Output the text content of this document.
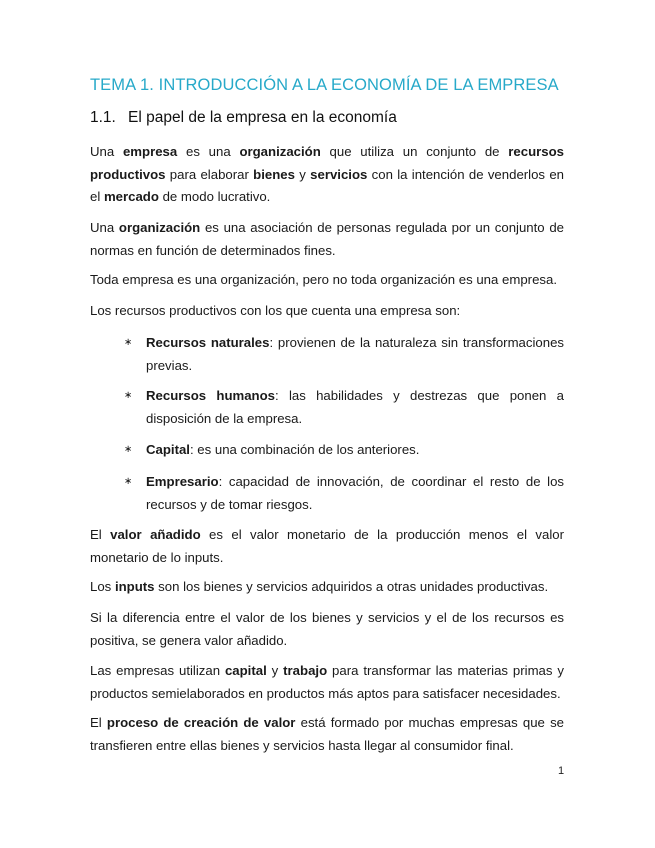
TEMA 1. INTRODUCCIÓN A LA ECONOMÍA DE LA EMPRESA
1.1. El papel de la empresa en la economía

Una empresa es una organización que utiliza un conjunto de recursos productivos para elaborar bienes y servicios con la intención de venderlos en el mercado de modo lucrativo.

Una organización es una asociación de personas regulada por un conjunto de normas en función de determinados fines.

Toda empresa es una organización, pero no toda organización es una empresa.

Los recursos productivos con los que cuenta una empresa son:

∗	Recursos naturales: provienen de la naturaleza sin transformaciones previas.
∗	Recursos humanos: las habilidades y destrezas que ponen a disposición de la empresa.
∗	Capital: es una combinación de los anteriores.
∗	Empresario: capacidad de innovación, de coordinar el resto de los recursos y de tomar riesgos.

El valor añadido es el valor monetario de la producción menos el valor monetario de lo inputs.

Los inputs son los bienes y servicios adquiridos a otras unidades productivas.

Si la diferencia entre el valor de los bienes y servicios y el de los recursos es positiva, se genera valor añadido.

Las empresas utilizan capital y trabajo para transformar las materias primas y productos semielaborados en productos más aptos para satisfacer necesidades.

El proceso de creación de valor está formado por muchas empresas que se transfieren entre ellas bienes y servicios hasta llegar al consumidor final.

1
